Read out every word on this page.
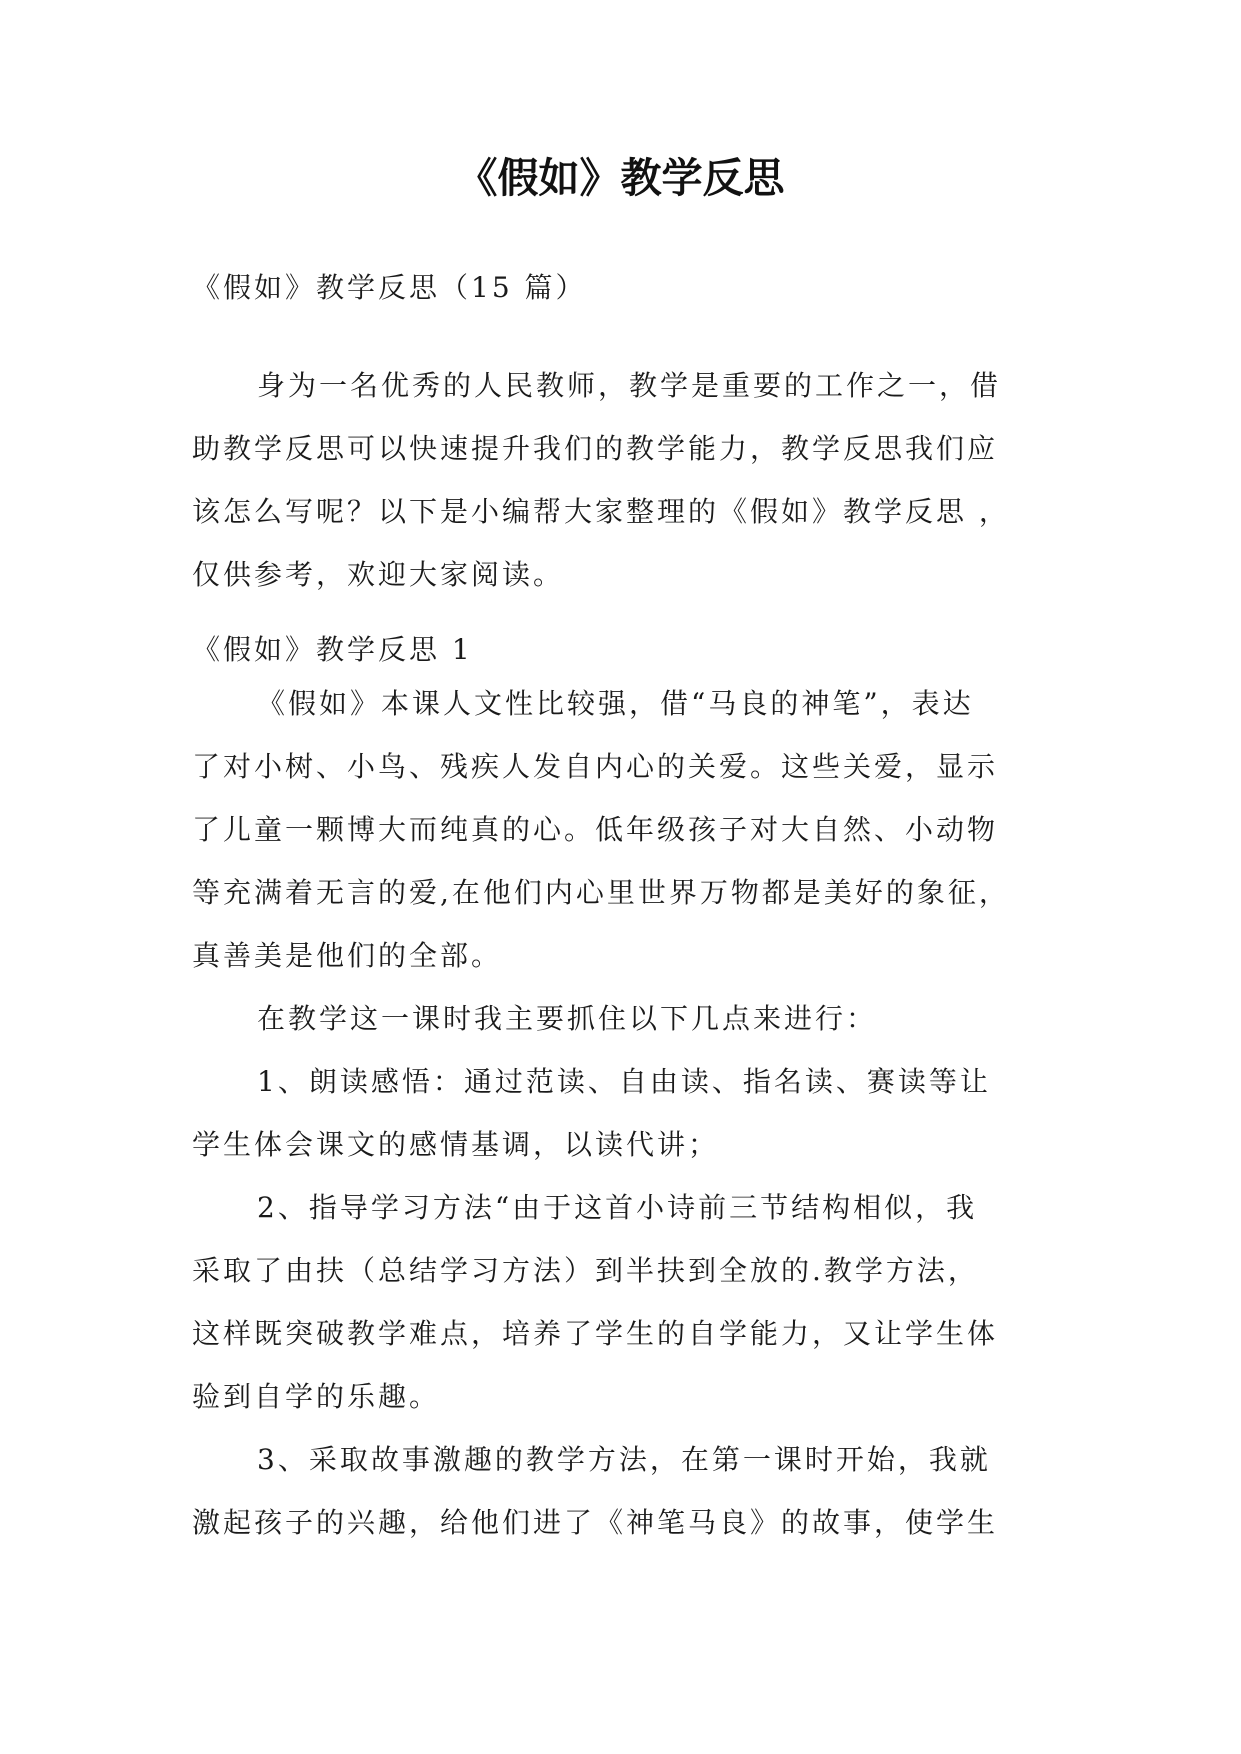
《假如》教学反思
《假如》教学反思（15 篇）
身为一名优秀的人民教师，教学是重要的工作之一，借
助教学反思可以快速提升我们的教学能力，教学反思我们应
该怎么写呢？以下是小编帮大家整理的《假如》教学反思 ，
仅供参考，欢迎大家阅读。
《假如》教学反思 1
《假如》本课人文性比较强，借“马良的神笔”，表达
了对小树、小鸟、残疾人发自内心的关爱。这些关爱，显示
了儿童一颗博大而纯真的心。低年级孩子对大自然、小动物
等充满着无言的爱,在他们内心里世界万物都是美好的象征，
真善美是他们的全部。
在教学这一课时我主要抓住以下几点来进行：
1、朗读感悟：通过范读、自由读、指名读、赛读等让
学生体会课文的感情基调，以读代讲；
2、指导学习方法“由于这首小诗前三节结构相似，我
采取了由扶（总结学习方法）到半扶到全放的.教学方法，
这样既突破教学难点，培养了学生的自学能力，又让学生体
验到自学的乐趣。
3、采取故事激趣的教学方法，在第一课时开始，我就
激起孩子的兴趣，给他们进了《神笔马良》的故事，使学生
